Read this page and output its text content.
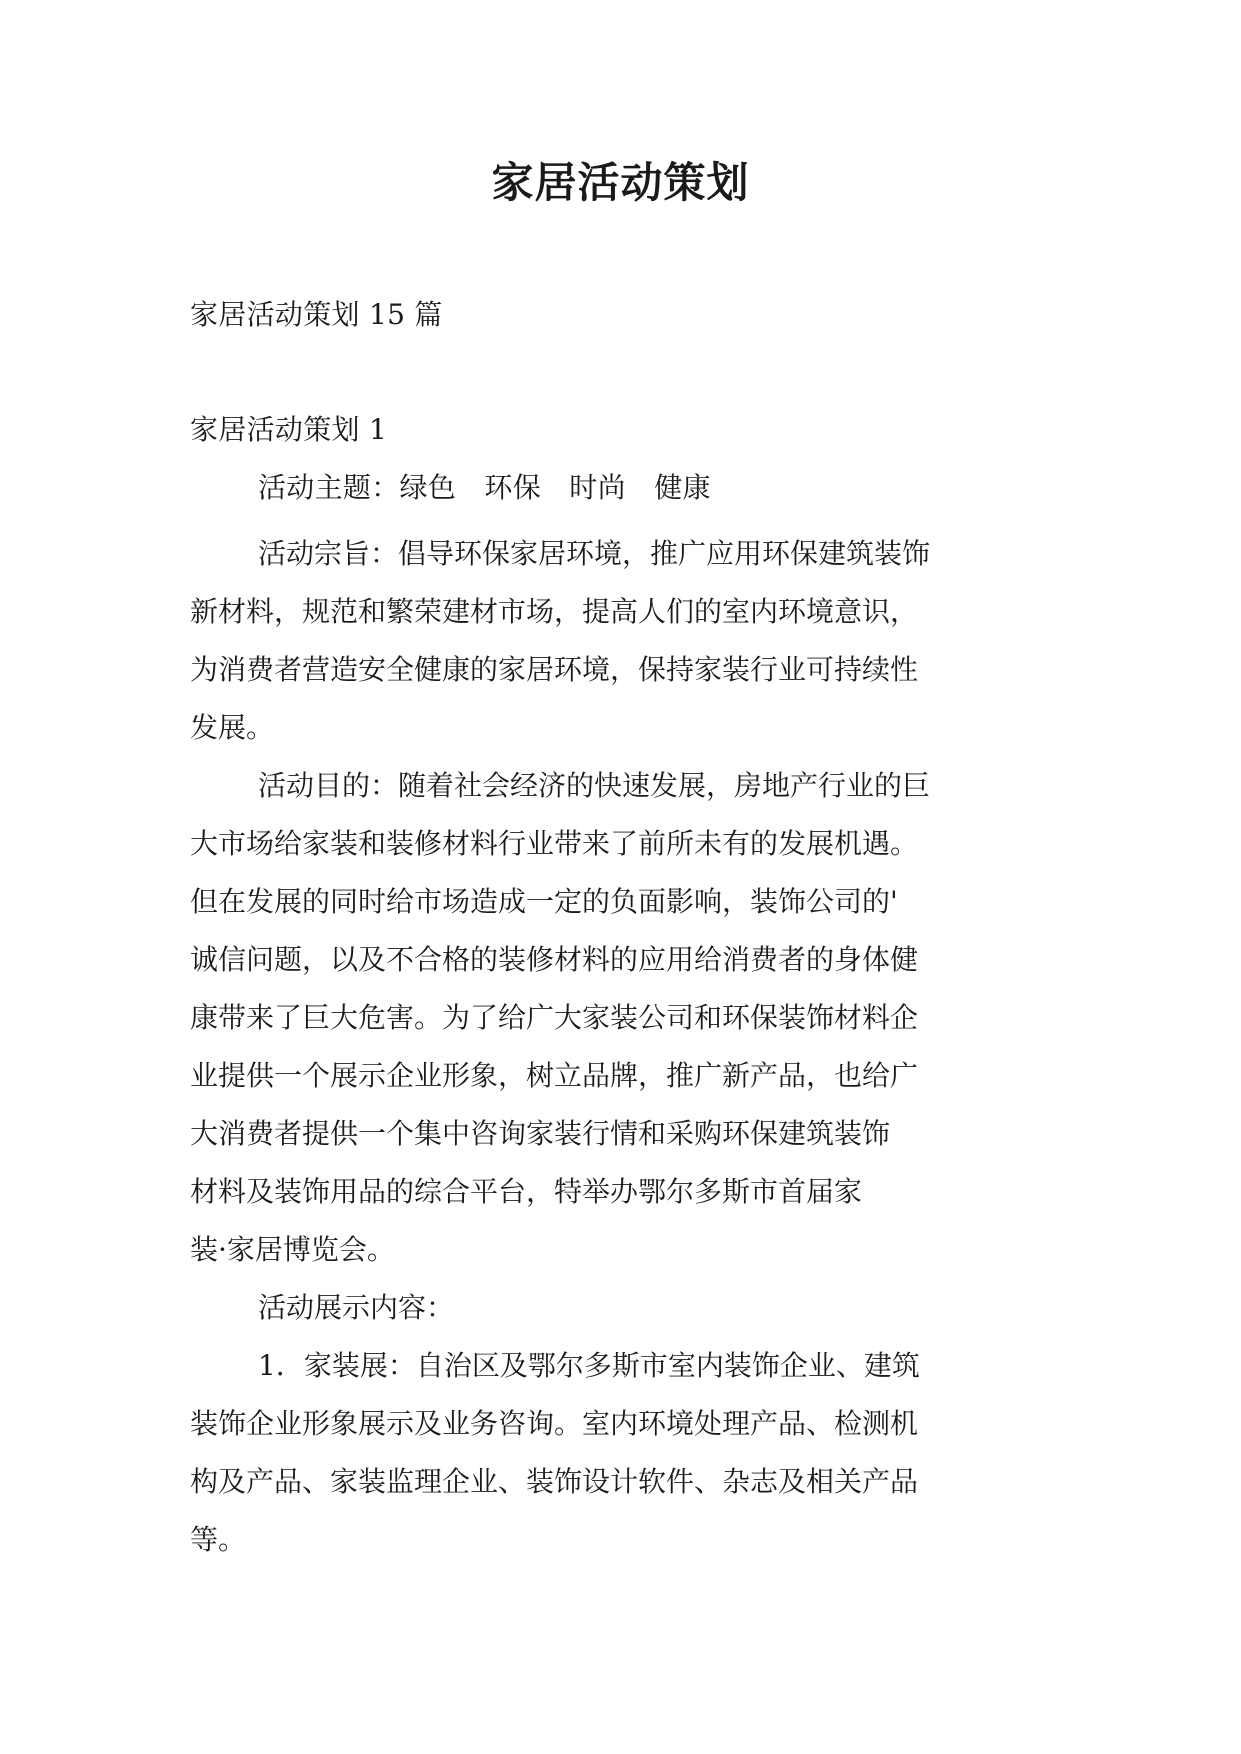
家居活动策划
家居活动策划 15 篇
家居活动策划 1
活动主题：绿色　环保　时尚　健康
活动宗旨：倡导环保家居环境，推广应用环保建筑装饰
新材料，规范和繁荣建材市场，提高人们的室内环境意识，
为消费者营造安全健康的家居环境，保持家装行业可持续性
发展。
活动目的：随着社会经济的快速发展，房地产行业的巨
大市场给家装和装修材料行业带来了前所未有的发展机遇。
但在发展的同时给市场造成一定的负面影响，装饰公司的'
诚信问题，以及不合格的装修材料的应用给消费者的身体健
康带来了巨大危害。为了给广大家装公司和环保装饰材料企
业提供一个展示企业形象，树立品牌，推广新产品，也给广
大消费者提供一个集中咨询家装行情和采购环保建筑装饰
材料及装饰用品的综合平台，特举办鄂尔多斯市首届家
装·家居博览会。
活动展示内容：
1．家装展：自治区及鄂尔多斯市室内装饰企业、建筑
装饰企业形象展示及业务咨询。室内环境处理产品、检测机
构及产品、家装监理企业、装饰设计软件、杂志及相关产品
等。
